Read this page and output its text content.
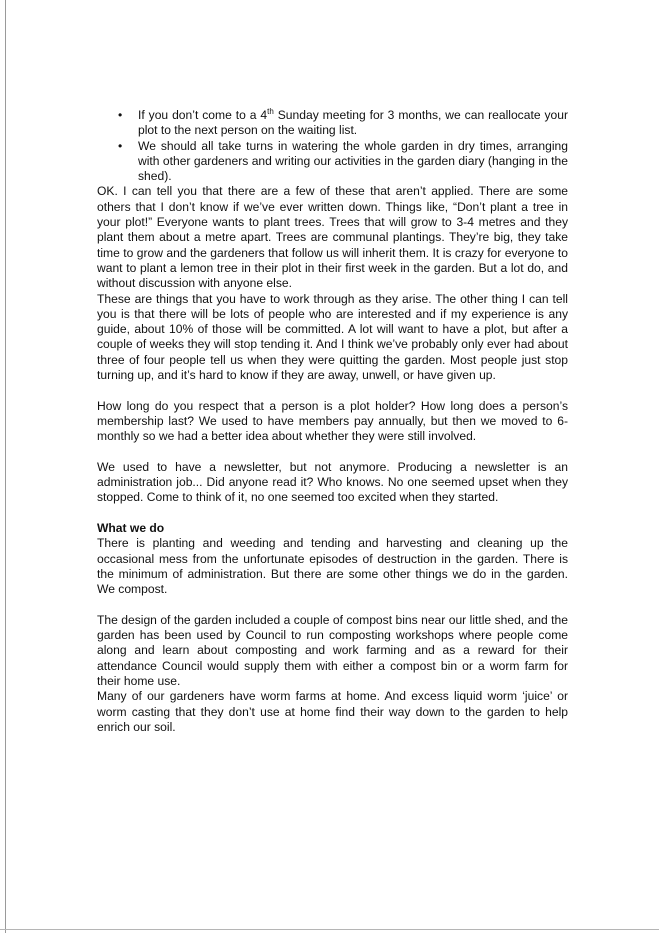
• If you don’t come to a 4th Sunday meeting for 3 months, we can reallocate your plot to the next person on the waiting list.
• We should all take turns in watering the whole garden in dry times, arranging with other gardeners and writing our activities in the garden diary (hanging in the shed).

OK. I can tell you that there are a few of these that aren’t applied. There are some others that I don’t know if we’ve ever written down. Things like, “Don’t plant a tree in your plot!” Everyone wants to plant trees. Trees that will grow to 3-4 metres and they plant them about a metre apart. Trees are communal plantings. They’re big, they take time to grow and the gardeners that follow us will inherit them. It is crazy for everyone to want to plant a lemon tree in their plot in their first week in the garden. But a lot do, and without discussion with anyone else.

These are things that you have to work through as they arise. The other thing I can tell you is that there will be lots of people who are interested and if my experience is any guide, about 10% of those will be committed. A lot will want to have a plot, but after a couple of weeks they will stop tending it. And I think we’ve probably only ever had about three of four people tell us when they were quitting the garden. Most people just stop turning up, and it’s hard to know if they are away, unwell, or have given up.

How long do you respect that a person is a plot holder? How long does a person’s membership last? We used to have members pay annually, but then we moved to 6-monthly so we had a better idea about whether they were still involved.

We used to have a newsletter, but not anymore. Producing a newsletter is an administration job... Did anyone read it? Who knows. No one seemed upset when they stopped. Come to think of it, no one seemed too excited when they started.

What we do

There is planting and weeding and tending and harvesting and cleaning up the occasional mess from the unfortunate episodes of destruction in the garden. There is the minimum of administration. But there are some other things we do in the garden. We compost.

The design of the garden included a couple of compost bins near our little shed, and the garden has been used by Council to run composting workshops where people come along and learn about composting and work farming and as a reward for their attendance Council would supply them with either a compost bin or a worm farm for their home use.

Many of our gardeners have worm farms at home. And excess liquid worm ‘juice’ or worm casting that they don’t use at home find their way down to the garden to help enrich our soil.
